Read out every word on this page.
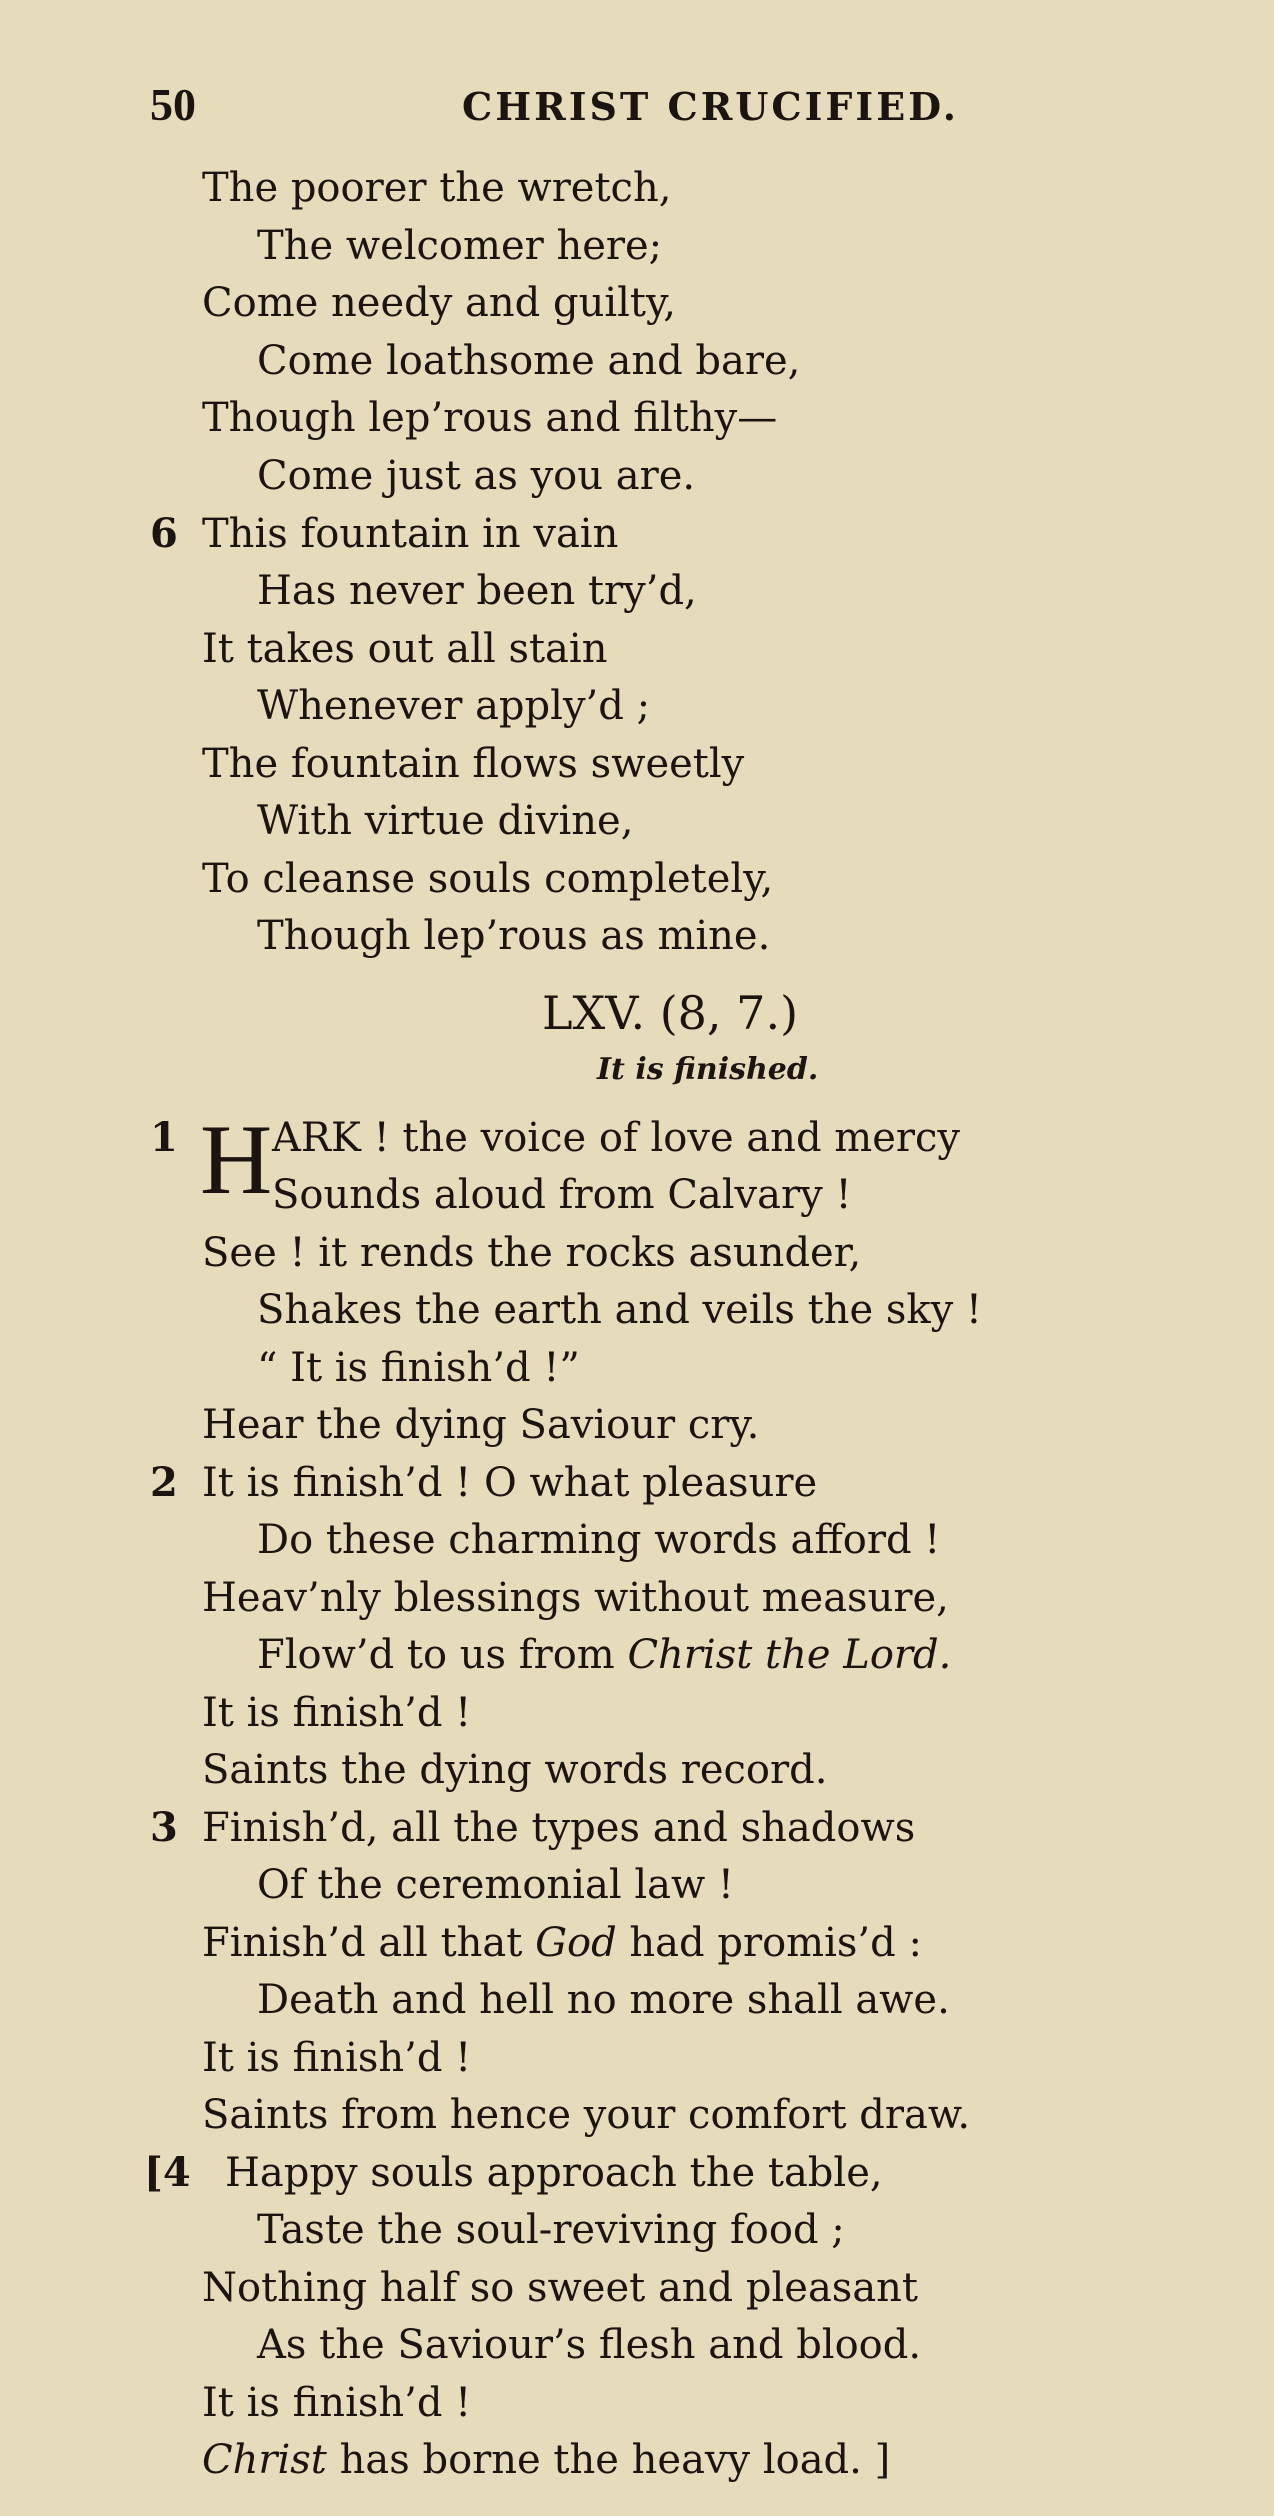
50	CHRIST CRUCIFIED.
The poorer the wretch,
The welcomer here;
Come needy and guilty,
Come loathsome and bare,
Though lep’rous and filthy—
Come just as you are.
6 This fountain in vain
Has never been try’d,
It takes out all stain
Whenever apply’d ;
The fountain flows sweetly
With virtue divine,
To cleanse souls completely,
Though lep’rous as mine.
LXV. (8, 7.)
It is finished.
1 H ARK ! the voice of love and mercy
Sounds aloud from Calvary !
See ! it rends the rocks asunder,
Shakes the earth and veils the sky !
“ It is finish’d !”
Hear the dying Saviour cry.
2 It is finish’d ! O what pleasure
Do these charming words afford !
Heav’nly blessings without measure,
Flow’d to us from Christ the Lord.
It is finish’d !
Saints the dying words record.
3 Finish’d, all the types and shadows
Of the ceremonial law !
Finish’d all that God had promis’d :
Death and hell no more shall awe.
It is finish’d !
Saints from hence your comfort draw.
[4 Happy souls approach the table,
Taste the soul-reviving food ;
Nothing half so sweet and pleasant
As the Saviour’s flesh and blood.
It is finish’d !
Christ has borne the heavy load. ]
